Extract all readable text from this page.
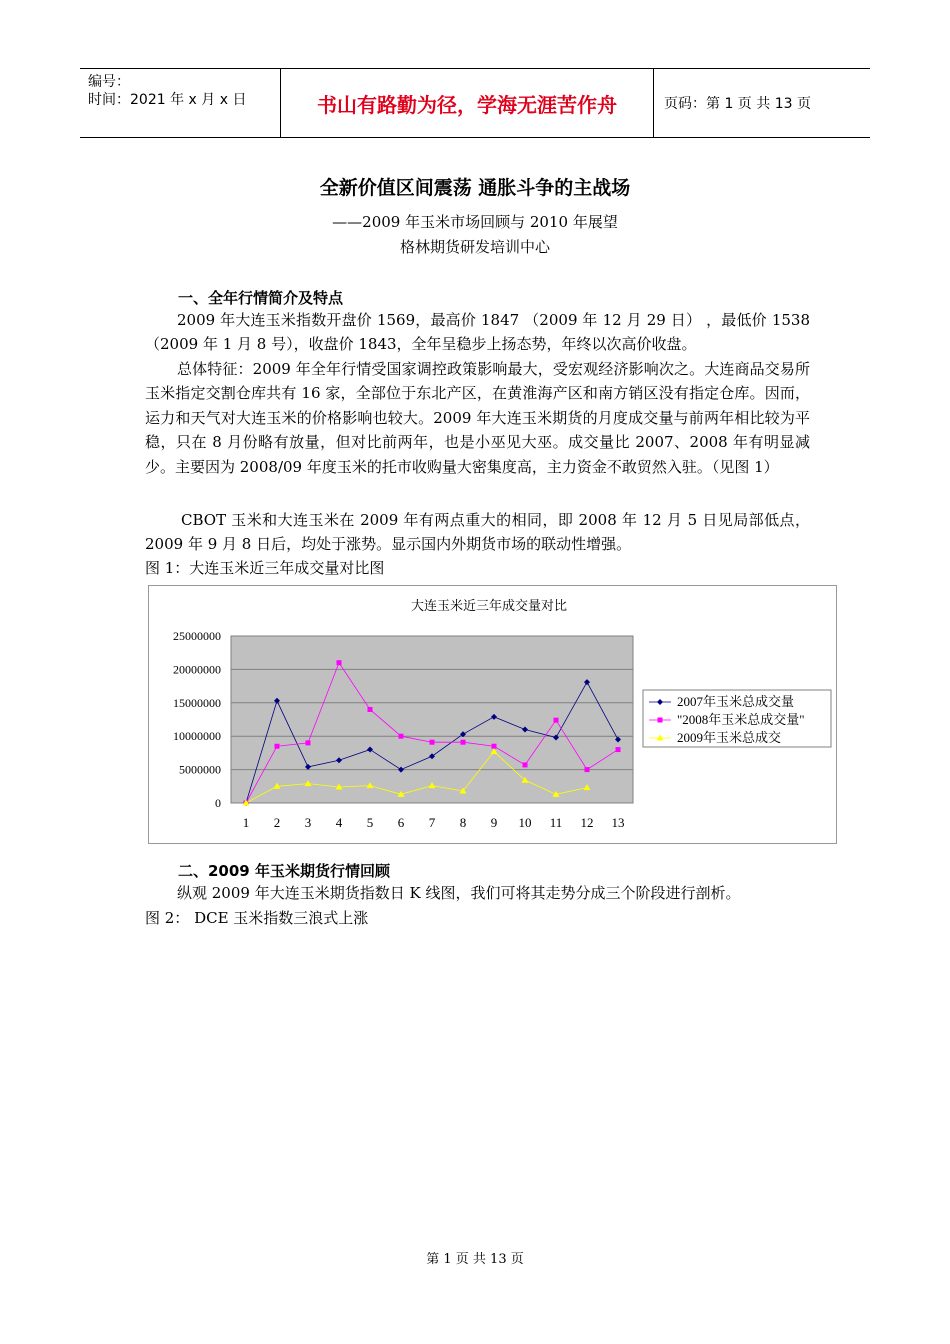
编号：
时间：2021 年 x 月 x 日	书山有路勤为径，学海无涯苦作舟	页码：第 1 页 共 13 页
全新价值区间震荡 通胀斗争的主战场
——2009 年玉米市场回顾与 2010 年展望
格林期货研发培训中心
一、全年行情简介及特点
2009 年大连玉米指数开盘价 1569，最高价 1847 （2009 年 12 月 29 日） ，最低价 1538（2009 年 1 月 8 号），收盘价 1843，全年呈稳步上扬态势，年终以次高价收盘。
总体特征：2009 年全年行情受国家调控政策影响最大，受宏观经济影响次之。大连商品交易所玉米指定交割仓库共有 16 家，全部位于东北产区，在黄淮海产区和南方销区没有指定仓库。因而，运力和天气对大连玉米的价格影响也较大。2009 年大连玉米期货的月度成交量与前两年相比较为平稳，只在 8 月份略有放量，但对比前两年，也是小巫见大巫。成交量比 2007、2008 年有明显减少。主要因为 2008/09 年度玉米的托市收购量大密集度高，主力资金不敢贸然入驻。（见图 1）
CBOT 玉米和大连玉米在 2009 年有两点重大的相同，即 2008 年 12 月 5 日见局部低点，2009 年 9 月 8 日后，均处于涨势。显示国内外期货市场的联动性增强。
图 1：大连玉米近三年成交量对比图
大连玉米近三年成交量对比
0
5000000
10000000
15000000
20000000
25000000
1 2 3 4 5 6 7 8 9 10 11 12 13
2007年玉米总成交量
"2008年玉米总成交量"
2009年玉米总成交
二、2009 年玉米期货行情回顾
纵观 2009 年大连玉米期货指数日 K 线图，我们可将其走势分成三个阶段进行剖析。
图 2： DCE 玉米指数三浪式上涨
第 1 页 共 13 页
